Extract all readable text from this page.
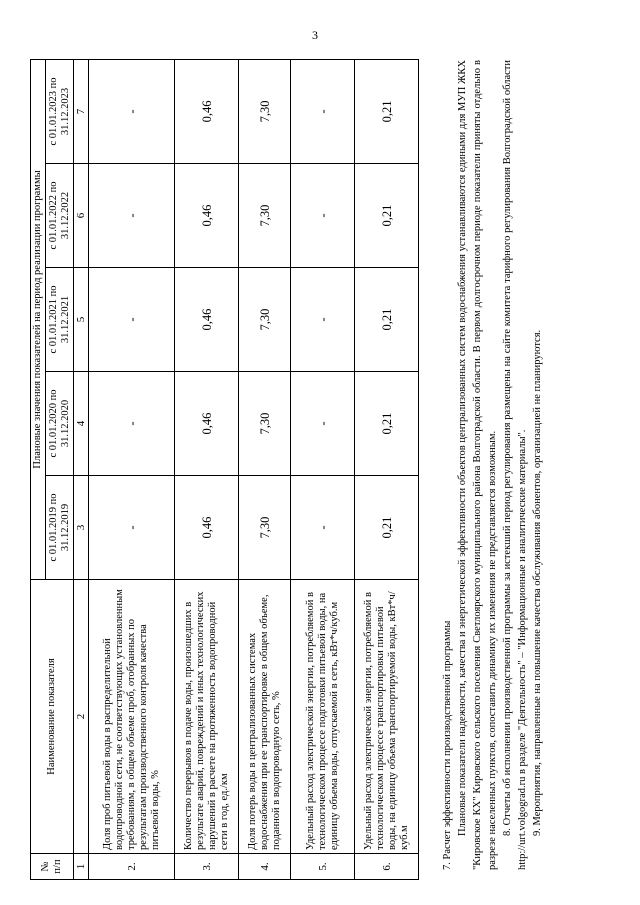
3
№ п/п	Наименование показателя	Плановые значения показателей на период реализации программы				
		с 01.01.2019 по 31.12.2019	с 01.01.2020 по 31.12.2020	с 01.01.2021 по 31.12.2021	с 01.01.2022 по 31.12.2022	с 01.01.2023 по 31.12.2023
1	2	3	4	5	6	7
2.	Доля проб питьевой воды в распределительной водопроводной сети, не соответствующих установленным требованиям, в общем объеме проб, отобранных по результатам производственного контроля качества питьевой воды, %	-	-	-	-	-
3.	Количество перерывов в подаче воды, произошедших в результате аварий, повреждений и иных технологических нарушений в расчете на протяженность водопроводной сети в год, ед./км	0,46	0,46	0,46	0,46	0,46
4.	Доля потерь воды в централизованных системах водоснабжения при ее транспортировке в общем объеме, поданной в водопроводную сеть, %	7,30	7,30	7,30	7,30	7,30
5.	Удельный расход электрической энергии, потребляемой в технологическом процессе подготовки питьевой воды, на единицу объема воды, отпускаемой в сеть, кВт*ч/куб.м	-	-	-	-	-
6.	Удельный расход электрической энергии, потребляемой в технологическом процессе транспортировки питьевой воды, на единицу объема транспортируемой воды, кВт*ч/куб.м	0,21	0,21	0,21	0,21	0,21

7. Расчет эффективности производственной программы Плановые показатели надежности, качества и энергетической эффективности объектов централизованных систем водоснабжения устанавливаются едиными для МУП ЖКХ "Кировское КХ" Кировского сельского поселения Светлоярского муниципального района Волгоградской области. В первом долгосрочном периоде показатели приняты отдельно в разрезе населенных пунктов, сопоставить динамику их изменения не представляется возможным. 8. Отчеты об исполнении производственной программы за истекший период регулирования размещены на сайте комитета тарифного регулирования Волгоградской области http://urt.volgograd.ru в разделе "Деятельность" – "Информационные и аналитические материалы". 9. Мероприятия, направленные на повышение качества обслуживания абонентов, организацией не планируются.
